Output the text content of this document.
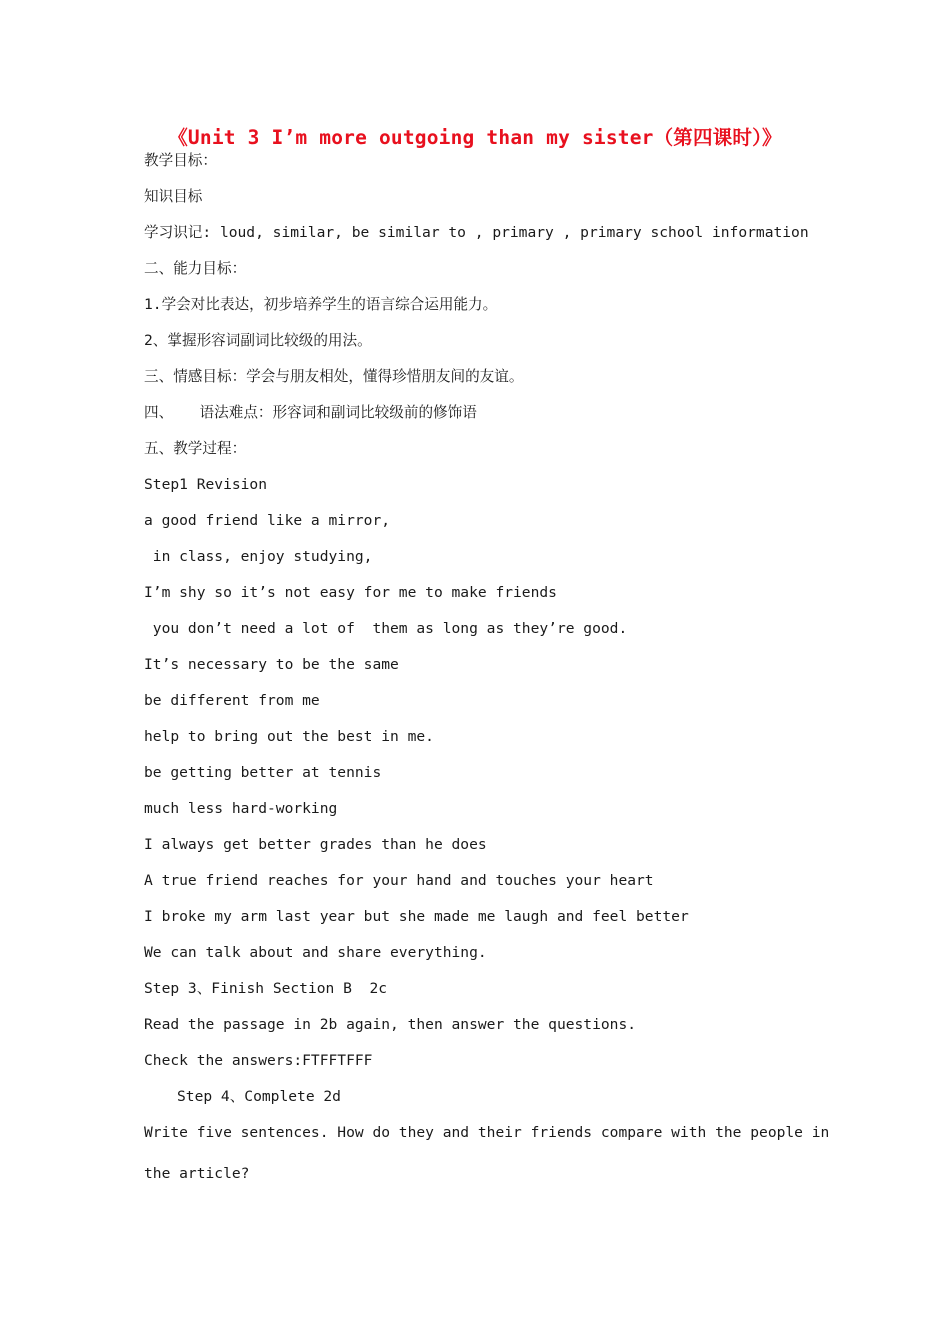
《Unit 3 I’m more outgoing than my sister（第四课时）》
教学目标：
知识目标
学习识记: loud, similar, be similar to , primary , primary school information
二、能力目标：
1.学会对比表达，初步培养学生的语言综合运用能力。
2、掌握形容词副词比较级的用法。
三、情感目标：学会与朋友相处，懂得珍惜朋友间的友谊。
四、   语法难点：形容词和副词比较级前的修饰语
五、教学过程：
Step1 Revision
a good friend like a mirror,
in class, enjoy studying,
I’m shy so it’s not easy for me to make friends
you don’t need a lot of  them as long as they’re good.
It’s necessary to be the same
be different from me
help to bring out the best in me.
be getting better at tennis
much less hard-working
I always get better grades than he does
A true friend reaches for your hand and touches your heart
I broke my arm last year but she made me laugh and feel better
We can talk about and share everything.
Step 3、Finish Section B  2c
Read the passage in 2b again, then answer the questions.
Check the answers:FTFFTFFF
Step 4、Complete 2d
Write five sentences. How do they and their friends compare with the people in
the article?
